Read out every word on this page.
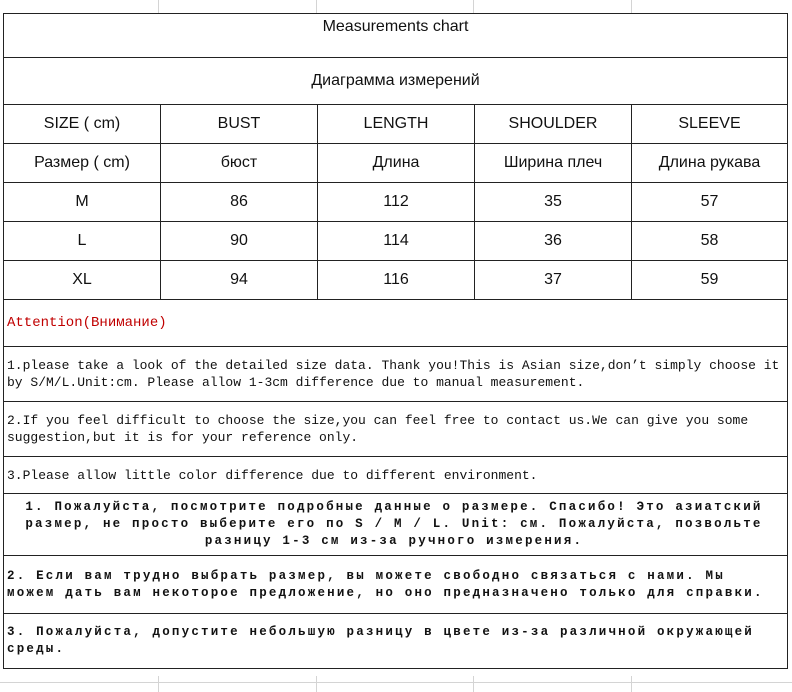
Measurements chart
Диаграмма измерений
SIZE ( cm)	BUST	LENGTH	SHOULDER	SLEEVE
Размер ( cm)	бюст	Длина	Ширина плеч	Длина рукава
M	86	112	35	57
L	90	114	36	58
XL	94	116	37	59
Attention(Внимание)
1.please take a look of the detailed size data. Thank you!This is Asian size,don’t simply choose it by S/M/L.Unit:cm. Please allow 1-3cm difference due to manual measurement.
2.If you feel difficult to choose the size,you can feel free to contact us.We can give you some suggestion,but it is for your reference only.
3.Please allow little color difference due to different environment.
1. Пожалуйста, посмотрите подробные данные о размере. Спасибо! Это азиатский размер, не просто выберите его по S / M / L. Unit: см. Пожалуйста, позвольте разницу 1-3 см из-за ручного измерения.
2. Если вам трудно выбрать размер, вы можете свободно связаться с нами. Мы можем дать вам некоторое предложение, но оно предназначено только для справки.
3. Пожалуйста, допустите небольшую разницу в цвете из-за различной окружающей среды.
